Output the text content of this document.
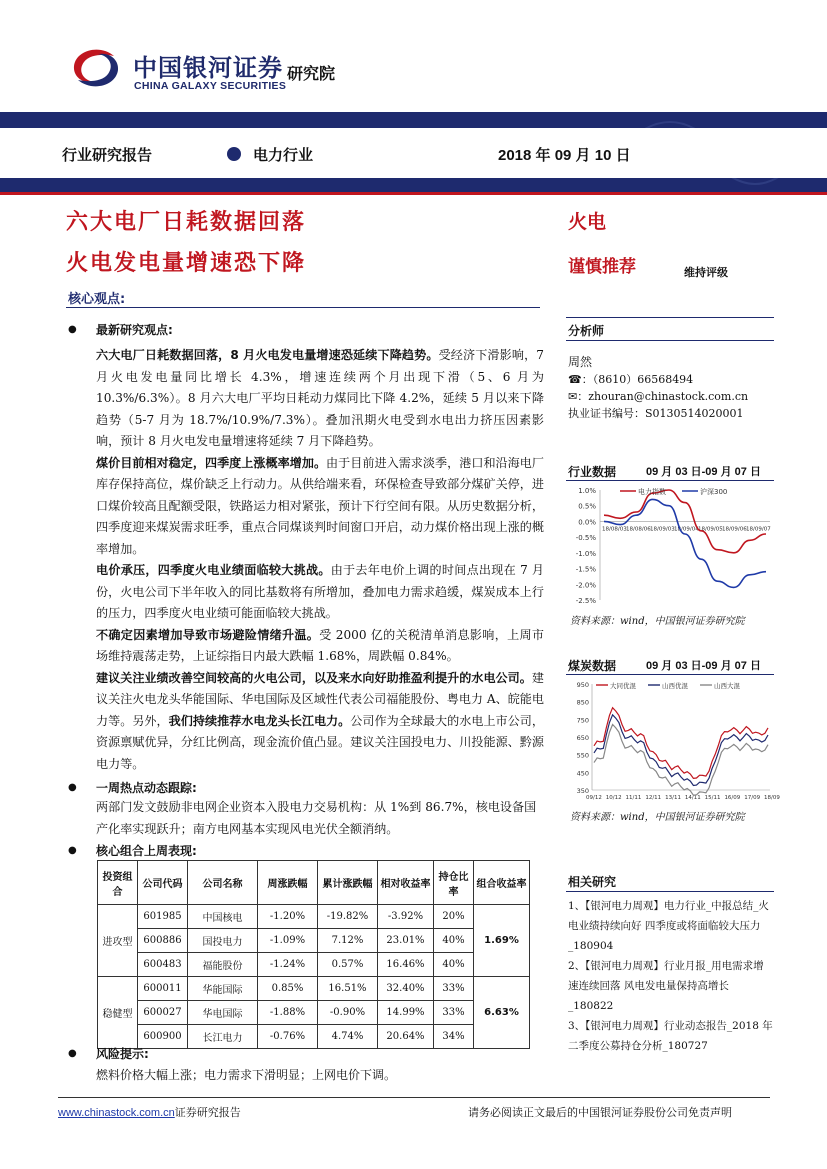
中国银河证券
CHINA GALAXY SECURITIES
研究院
行业研究报告	电力行业	2018 年 09 月 10 日
六大电厂日耗数据回落
火电发电量增速恐下降
火电
谨慎推荐	维持评级
核心观点:
● 最新研究观点:

六大电厂日耗数据回落，8 月火电发电量增速恐延续下降趋势。受经济下滑影响，7 月火电发电量同比增长 4.3%，增速连续两个月出现下滑（5、6 月为 10.3%/6.3%）。8 月六大电厂平均日耗动力煤同比下降 4.2%，延续 5 月以来下降趋势（5-7 月为 18.7%/10.9%/7.3%）。叠加汛期火电受到水电出力挤压因素影响，预计 8 月火电发电量增速将延续 7 月下降趋势。

煤价目前相对稳定，四季度上涨概率增加。由于目前进入需求淡季，港口和沿海电厂库存保持高位，煤价缺乏上行动力。从供给端来看，环保检查导致部分煤矿关停，进口煤价较高且配额受限，铁路运力相对紧张，预计下行空间有限。从历史数据分析，四季度迎来煤炭需求旺季，重点合同煤谈判时间窗口开启，动力煤价格出现上涨的概率增加。

电价承压，四季度火电业绩面临较大挑战。由于去年电价上调的时间点出现在 7 月份，火电公司下半年收入的同比基数将有所增加，叠加电力需求趋缓，煤炭成本上行的压力，四季度火电业绩可能面临较大挑战。

不确定因素增加导致市场避险情绪升温。受 2000 亿的关税清单消息影响，上周市场维持震荡走势，上证综指日内最大跌幅 1.68%，周跌幅 0.84%。

建议关注业绩改善空间较高的火电公司，以及来水向好助推盈利提升的水电公司。建议关注火电龙头华能国际、华电国际及区域性代表公司福能股份、粤电力 A、皖能电力等。另外，我们持续推荐水电龙头长江电力。公司作为全球最大的水电上市公司，资源禀赋优异，分红比例高，现金流价值凸显。建议关注国投电力、川投能源、黔源电力等。

● 一周热点动态跟踪:
两部门发文鼓励非电网企业资本入股电力交易机构：从 1%到 86.7%，核电设备国产化率实现跃升；南方电网基本实现风电光伏全额消纳。
● 核心组合上周表现:
投资组合	公司代码	公司名称	周涨跌幅	累计涨跌幅	相对收益率	持仓比率	组合收益率
进攻型	601985	中国核电	-1.20%	-19.82%	-3.92%	20%	1.69%
	600886	国投电力	-1.09%	7.12%	23.01%	40%	
	600483	福能股份	-1.24%	0.57%	16.46%	40%	
稳健型	600011	华能国际	0.85%	16.51%	32.40%	33%	6.63%
	600027	华电国际	-1.88%	-0.90%	14.99%	33%	
	600900	长江电力	-0.76%	4.74%	20.64%	34%	
● 风险提示:
燃料价格大幅上涨；电力需求下滑明显；上网电价下调。
分析师
周然
☎：（8610）66568494
✉：zhouran@chinastock.com.cn
执业证书编号：S0130514020001
行业数据	09 月 03 日-09 月 07 日
1.0%
0.5%
0.0%
-0.5%
-1.0%
-1.5%
-2.0%
-2.5%
18/08/03 18/08/06 18/09/03 18/09/04 18/09/05 18/09/06 18/09/07
电力指数	沪深300
资料来源：wind，中国银河证券研究院
煤炭数据	09 月 03 日-09 月 07 日
950
850
750
650
550
450
350
09/12 10/12 11/11 12/11 13/11 14/11 15/11 16/09 17/09 18/09
大同优混	山西优混	山西大混
资料来源：wind，中国银河证券研究院
相关研究
1、【银河电力周观】电力行业_中报总结_火电业绩持续向好 四季度或将面临较大压力_180904
2、【银河电力周观】行业月报_用电需求增速连续回落 风电发电量保持高增长_180822
3、【银河电力周观】行业动态报告_2018 年二季度公募持仓分析_180727
www.chinastock.com.cn证券研究报告	请务必阅读正文最后的中国银河证券股份公司免责声明
